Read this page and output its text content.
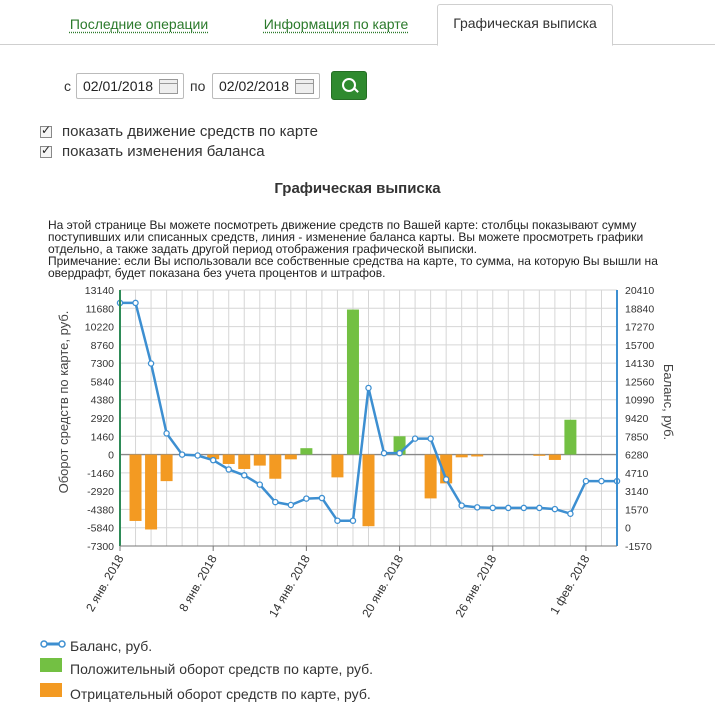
Последние операции	Информация по карте	Графическая выписка
с 02/01/2018	по 02/02/2018
✓
показать движение средств по карте
✓
показать изменения баланса
Графическая выписка
На этой странице Вы можете посмотреть движение средств по Вашей карте: столбцы показывают сумму
поступивших или списанных средств, линия - изменение баланса карты. Вы можете просмотреть графики
отдельно, а также задать другой период отображения графической выписки.
Примечание: если Вы использовали все собственные средства на карте, то сумма, на которую Вы вышли на
овердрафт, будет показана без учета процентов и штрафов.
13140	20410
11680	18840
10220	17270
8760	15700
7300	14130
5840	12560
4380	10990
2920	9420
1460	7850
0	6280
-1460	4710
-2920	3140
-4380	1570
-5840	0
-7300	-1570
2 янв. 2018	8 янв. 2018	14 янв. 2018	20 янв. 2018	26 янв. 2018	1 фев. 2018
Оборот средств по карте, руб.	Баланс, руб.
Баланс, руб.
Положительный оборот средств по карте, руб.
Отрицательный оборот средств по карте, руб.
